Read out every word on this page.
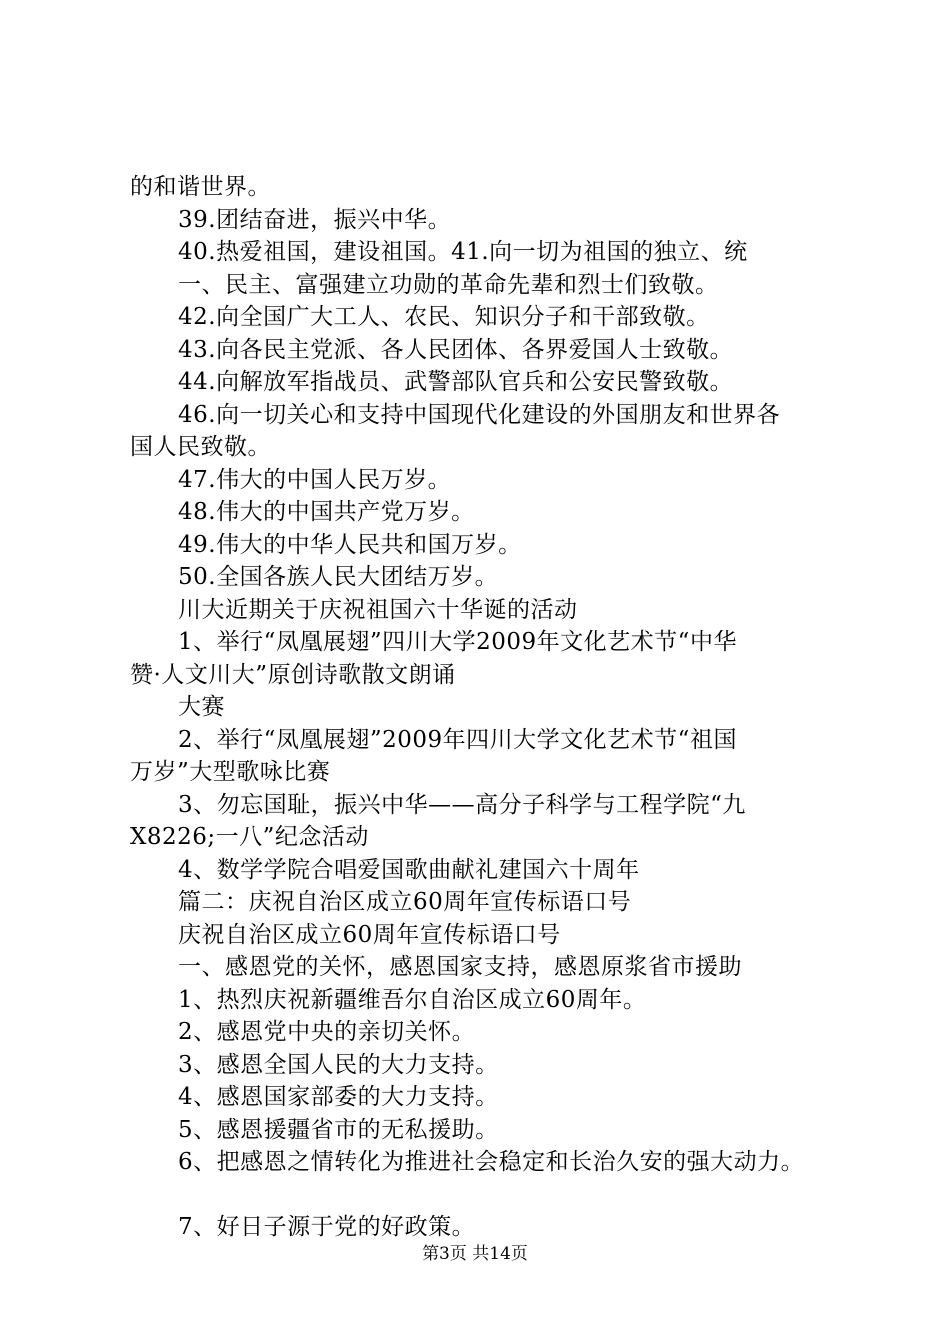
的和谐世界。
39.团结奋进，振兴中华。
40.热爱祖国，建设祖国。41.向一切为祖国的独立、统
一、民主、富强建立功勋的革命先辈和烈士们致敬。
42.向全国广大工人、农民、知识分子和干部致敬。
43.向各民主党派、各人民团体、各界爱国人士致敬。
44.向解放军指战员、武警部队官兵和公安民警致敬。
46.向一切关心和支持中国现代化建设的外国朋友和世界各
国人民致敬。
47.伟大的中国人民万岁。
48.伟大的中国共产党万岁。
49.伟大的中华人民共和国万岁。
50.全国各族人民大团结万岁。
川大近期关于庆祝祖国六十华诞的活动
1、举行“凤凰展翅”四川大学2009年文化艺术节“中华
赞·人文川大”原创诗歌散文朗诵
大赛
2、举行“凤凰展翅”2009年四川大学文化艺术节“祖国
万岁”大型歌咏比赛
3、勿忘国耻，振兴中华——高分子科学与工程学院“九
X8226;一八”纪念活动
4、数学学院合唱爱国歌曲献礼建国六十周年
篇二：庆祝自治区成立60周年宣传标语口号
庆祝自治区成立60周年宣传标语口号
一、感恩党的关怀，感恩国家支持，感恩原浆省市援助
1、热烈庆祝新疆维吾尔自治区成立60周年。
2、感恩党中央的亲切关怀。
3、感恩全国人民的大力支持。
4、感恩国家部委的大力支持。
5、感恩援疆省市的无私援助。
6、把感恩之情转化为推进社会稳定和长治久安的强大动力。
7、好日子源于党的好政策。
第3页 共14页
